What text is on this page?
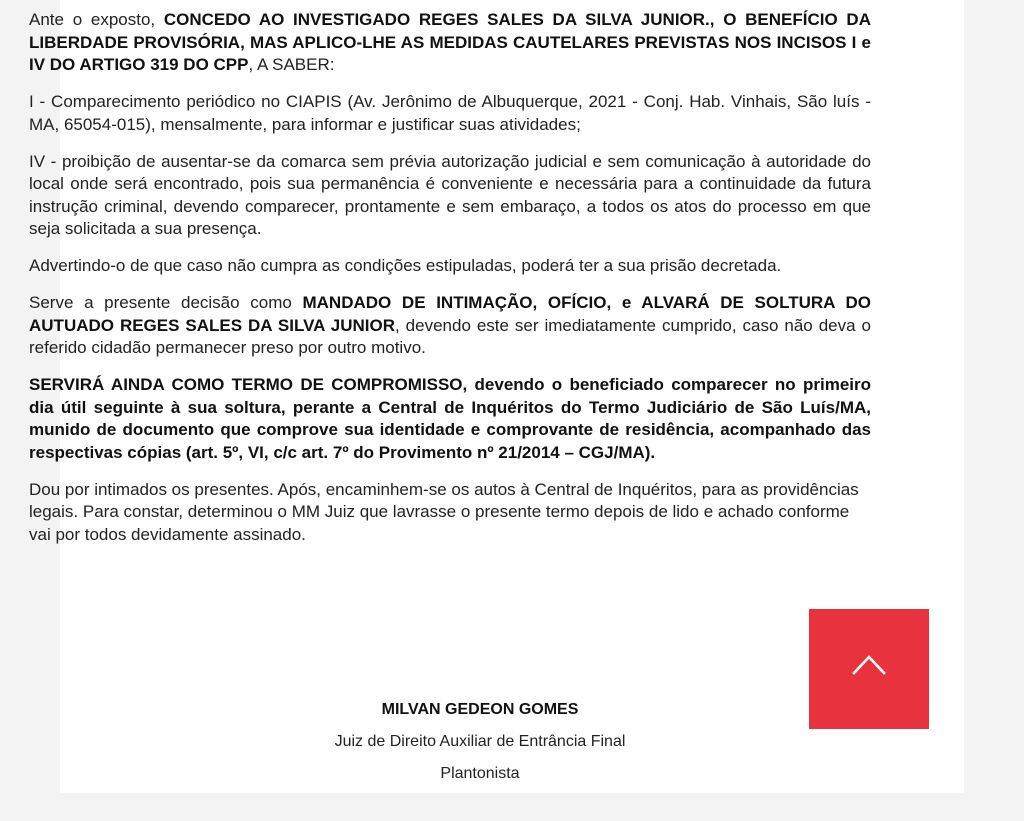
Ante o exposto, CONCEDO AO INVESTIGADO REGES SALES DA SILVA JUNIOR., O BENEFÍCIO DA LIBERDADE PROVISÓRIA, MAS APLICO-LHE AS MEDIDAS CAUTELARES PREVISTAS NOS INCISOS I e IV DO ARTIGO 319 DO CPP, A SABER:

I - Comparecimento periódico no CIAPIS (Av. Jerônimo de Albuquerque, 2021 - Conj. Hab. Vinhais, São luís - MA, 65054-015), mensalmente, para informar e justificar suas atividades;

IV - proibição de ausentar-se da comarca sem prévia autorização judicial e sem comunicação à autoridade do local onde será encontrado, pois sua permanência é conveniente e necessária para a continuidade da futura instrução criminal, devendo comparecer, prontamente e sem embaraço, a todos os atos do processo em que seja solicitada a sua presença.

Advertindo-o de que caso não cumpra as condições estipuladas, poderá ter a sua prisão decretada.

Serve a presente decisão como MANDADO DE INTIMAÇÃO, OFÍCIO, e ALVARÁ DE SOLTURA DO AUTUADO REGES SALES DA SILVA JUNIOR, devendo este ser imediatamente cumprido, caso não deva o referido cidadão permanecer preso por outro motivo.

SERVIRÁ AINDA COMO TERMO DE COMPROMISSO, devendo o beneficiado comparecer no primeiro dia útil seguinte à sua soltura, perante a Central de Inquéritos do Termo Judiciário de São Luís/MA, munido de documento que comprove sua identidade e comprovante de residência, acompanhado das respectivas cópias (art. 5º, VI, c/c art. 7º do Provimento nº 21/2014 – CGJ/MA).

Dou por intimados os presentes. Após, encaminhem-se os autos à Central de Inquéritos, para as providências legais. Para constar, determinou o MM Juiz que lavrasse o presente termo depois de lido e achado conforme vai por todos devidamente assinado.

MILVAN GEDEON GOMES
Juiz de Direito Auxiliar de Entrância Final
Plantonista
